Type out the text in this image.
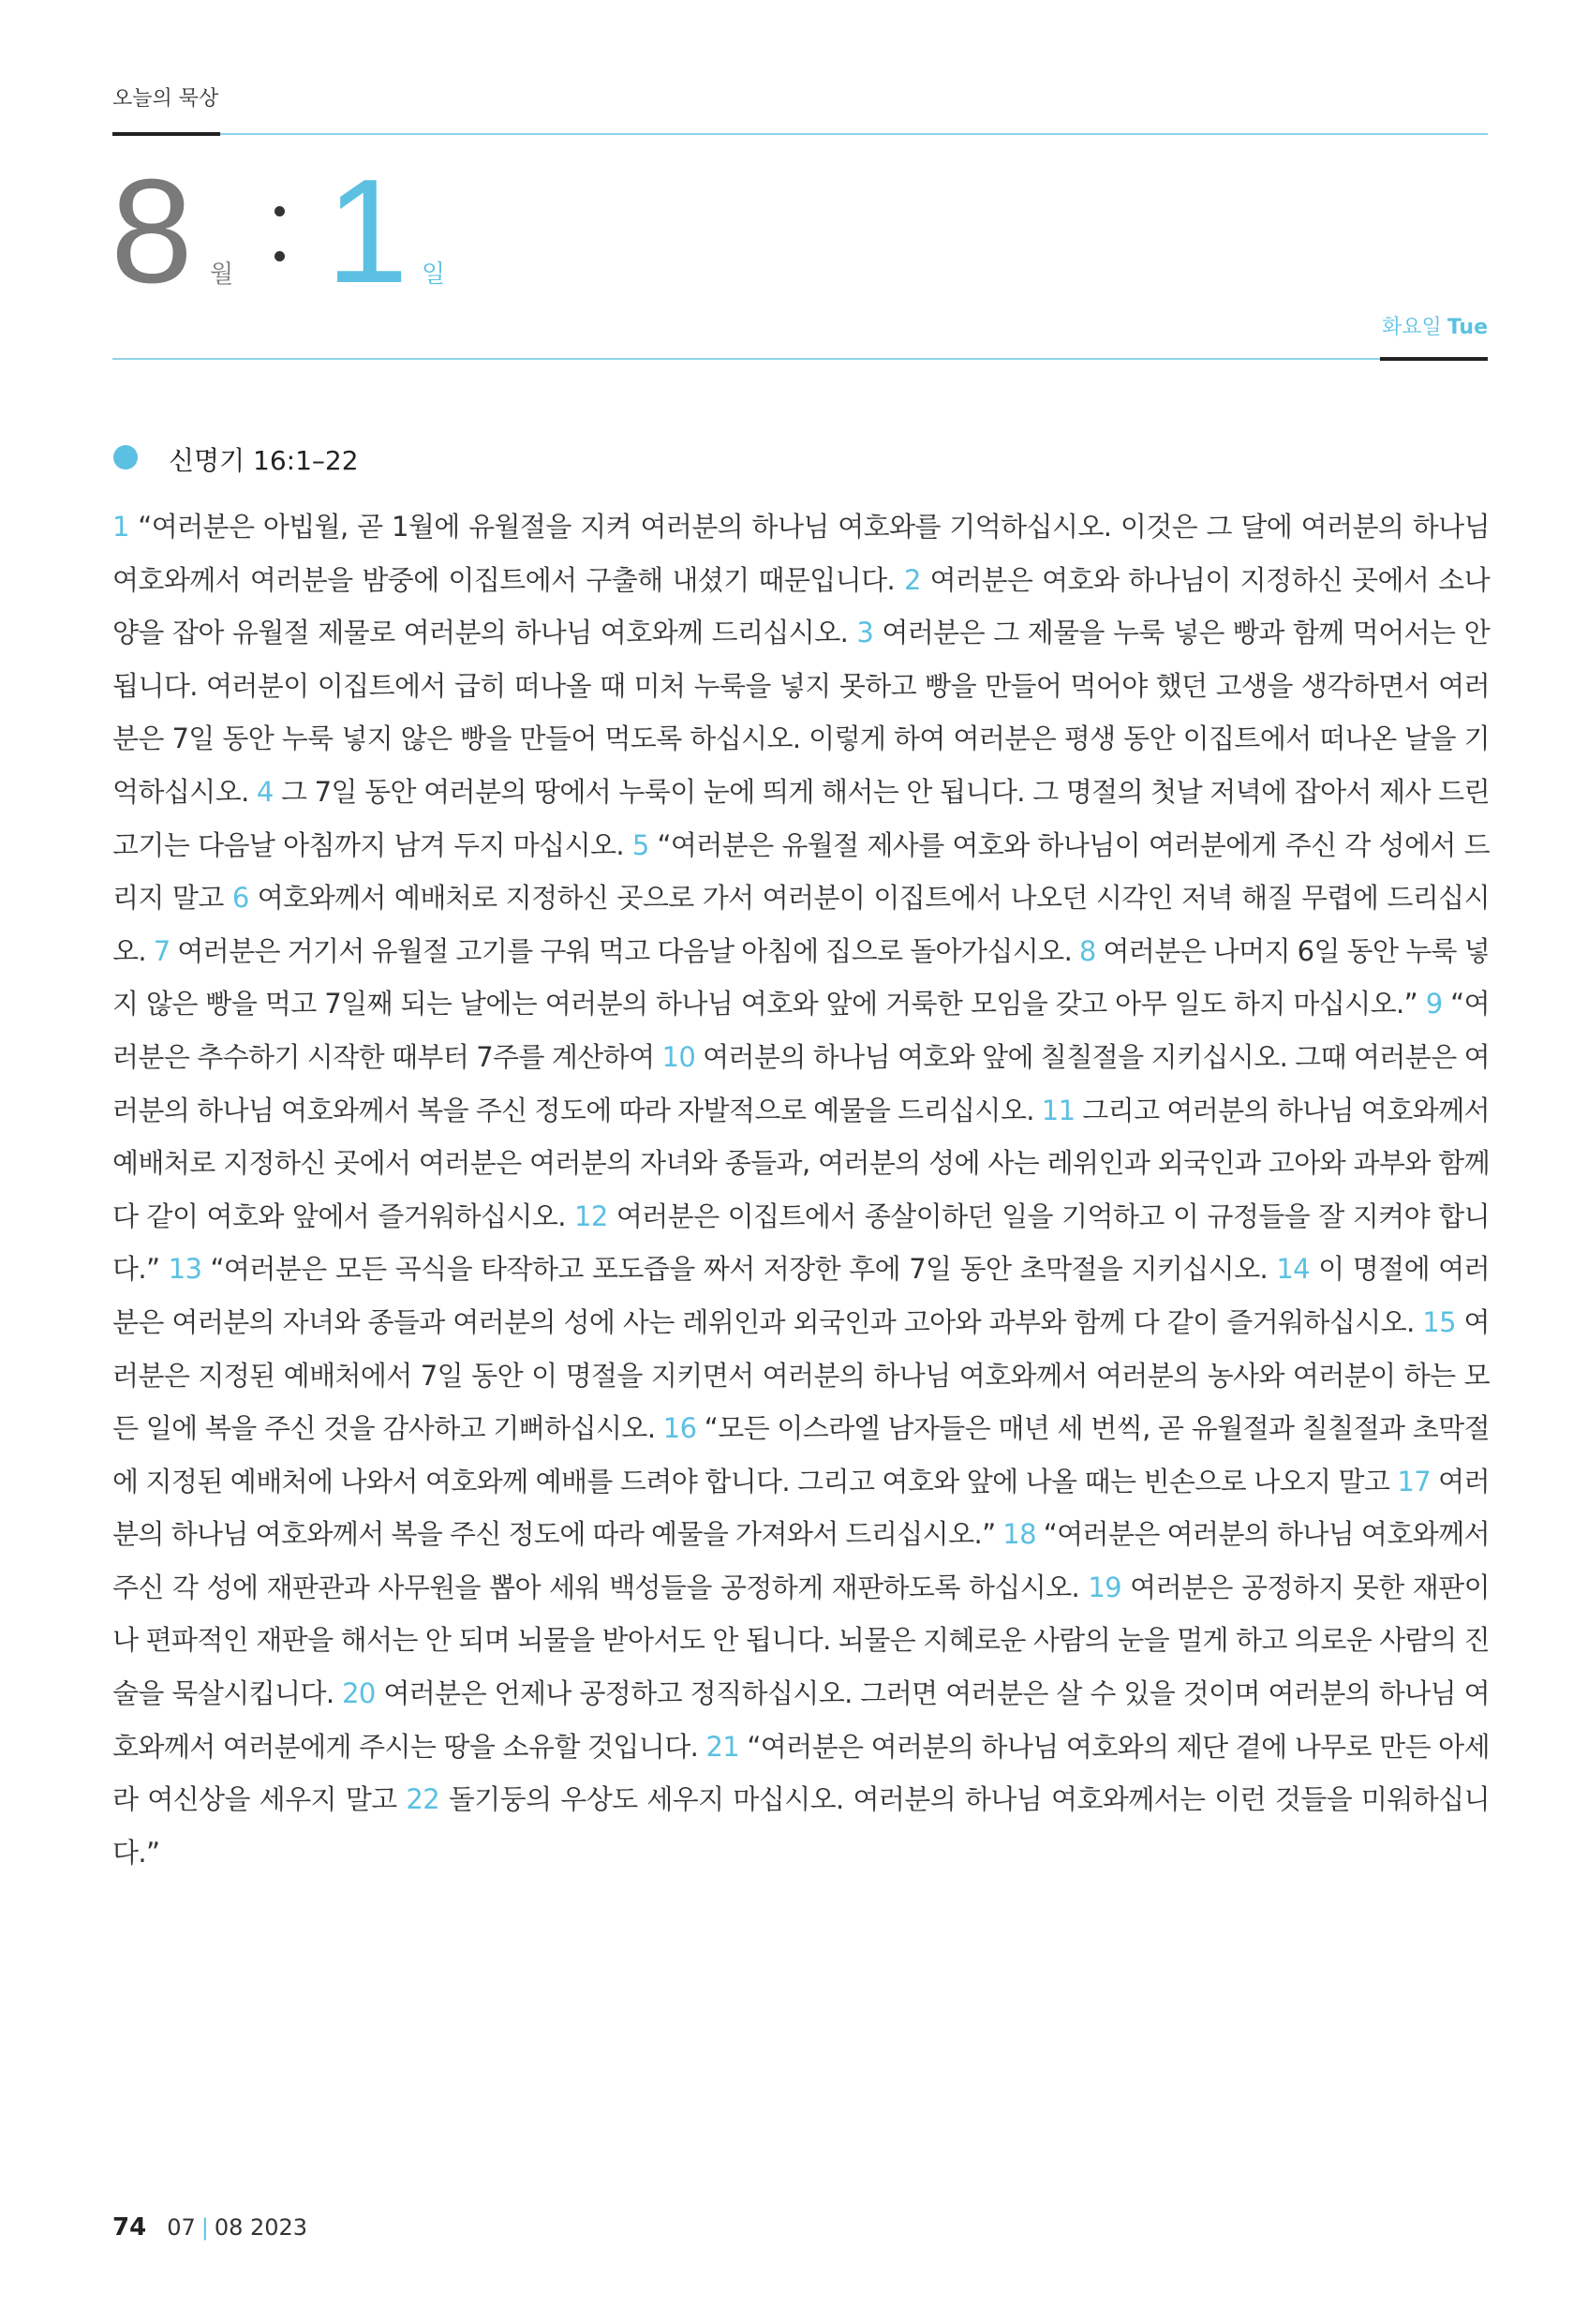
오늘의 묵상
8 월 1 일
화요일 Tue
신명기 16:1–22
1 “여러분은 아빕월, 곧 1월에 유월절을 지켜 여러분의 하나님 여호와를 기억하십시오. 이것은 그 달에 여러분의 하나님 여호와께서 여러분을 밤중에 이집트에서 구출해 내셨기 때문입니다. 2 여러분은 여호와 하나님이 지정하신 곳에서 소나 양을 잡아 유월절 제물로 여러분의 하나님 여호와께 드리십시오. 3 여러분은 그 제물을 누룩 넣은 빵과 함께 먹어서는 안 됩니다. 여러분이 이집트에서 급히 떠나올 때 미처 누룩을 넣지 못하고 빵을 만들어 먹어야 했던 고생을 생각하면서 여러분은 7일 동안 누룩 넣지 않은 빵을 만들어 먹도록 하십시오. 이렇게 하여 여러분은 평생 동안 이집트에서 떠나온 날을 기억하십시오. 4 그 7일 동안 여러분의 땅에서 누룩이 눈에 띄게 해서는 안 됩니다. 그 명절의 첫날 저녁에 잡아서 제사 드린 고기는 다음날 아침까지 남겨 두지 마십시오. 5 “여러분은 유월절 제사를 여호와 하나님이 여러분에게 주신 각 성에서 드리지 말고 6 여호와께서 예배처로 지정하신 곳으로 가서 여러분이 이집트에서 나오던 시각인 저녁 해질 무렵에 드리십시오. 7 여러분은 거기서 유월절 고기를 구워 먹고 다음날 아침에 집으로 돌아가십시오. 8 여러분은 나머지 6일 동안 누룩 넣지 않은 빵을 먹고 7일째 되는 날에는 여러분의 하나님 여호와 앞에 거룩한 모임을 갖고 아무 일도 하지 마십시오.” 9 “여러분은 추수하기 시작한 때부터 7주를 계산하여 10 여러분의 하나님 여호와 앞에 칠칠절을 지키십시오. 그때 여러분은 여러분의 하나님 여호와께서 복을 주신 정도에 따라 자발적으로 예물을 드리십시오. 11 그리고 여러분의 하나님 여호와께서 예배처로 지정하신 곳에서 여러분은 여러분의 자녀와 종들과, 여러분의 성에 사는 레위인과 외국인과 고아와 과부와 함께 다 같이 여호와 앞에서 즐거워하십시오. 12 여러분은 이집트에서 종살이하던 일을 기억하고 이 규정들을 잘 지켜야 합니다.” 13 “여러분은 모든 곡식을 타작하고 포도즙을 짜서 저장한 후에 7일 동안 초막절을 지키십시오. 14 이 명절에 여러분은 여러분의 자녀와 종들과 여러분의 성에 사는 레위인과 외국인과 고아와 과부와 함께 다 같이 즐거워하십시오. 15 여러분은 지정된 예배처에서 7일 동안 이 명절을 지키면서 여러분의 하나님 여호와께서 여러분의 농사와 여러분이 하는 모든 일에 복을 주신 것을 감사하고 기뻐하십시오. 16 “모든 이스라엘 남자들은 매년 세 번씩, 곧 유월절과 칠칠절과 초막절에 지정된 예배처에 나와서 여호와께 예배를 드려야 합니다. 그리고 여호와 앞에 나올 때는 빈손으로 나오지 말고 17 여러분의 하나님 여호와께서 복을 주신 정도에 따라 예물을 가져와서 드리십시오.” 18 “여러분은 여러분의 하나님 여호와께서 주신 각 성에 재판관과 사무원을 뽑아 세워 백성들을 공정하게 재판하도록 하십시오. 19 여러분은 공정하지 못한 재판이나 편파적인 재판을 해서는 안 되며 뇌물을 받아서도 안 됩니다. 뇌물은 지혜로운 사람의 눈을 멀게 하고 의로운 사람의 진술을 묵살시킵니다. 20 여러분은 언제나 공정하고 정직하십시오. 그러면 여러분은 살 수 있을 것이며 여러분의 하나님 여호와께서 여러분에게 주시는 땅을 소유할 것입니다. 21 “여러분은 여러분의 하나님 여호와의 제단 곁에 나무로 만든 아세라 여신상을 세우지 말고 22 돌기둥의 우상도 세우지 마십시오. 여러분의 하나님 여호와께서는 이런 것들을 미워하십니다.”
74 07 | 08 2023
